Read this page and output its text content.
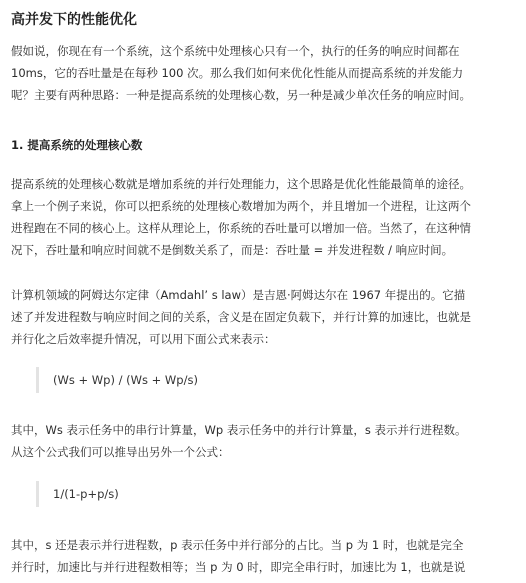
高并发下的性能优化
假如说，你现在有一个系统，这个系统中处理核心只有一个，执行的任务的响应时间都在
10ms，它的吞吐量是在每秒 100 次。那么我们如何来优化性能从而提高系统的并发能力
呢？主要有两种思路：一种是提高系统的处理核心数，另一种是减少单次任务的响应时间。
1. 提高系统的处理核心数
提高系统的处理核心数就是增加系统的并行处理能力，这个思路是优化性能最简单的途径。
拿上一个例子来说，你可以把系统的处理核心数增加为两个，并且增加一个进程，让这两个
进程跑在不同的核心上。这样从理论上，你系统的吞吐量可以增加一倍。当然了，在这种情
况下，吞吐量和响应时间就不是倒数关系了，而是：吞吐量 = 并发进程数 / 响应时间。
计算机领域的阿姆达尔定律（Amdahl’ s law）是吉恩·阿姆达尔在 1967 年提出的。它描
述了并发进程数与响应时间之间的关系，含义是在固定负载下，并行计算的加速比，也就是
并行化之后效率提升情况，可以用下面公式来表示：
(Ws + Wp) / (Ws + Wp/s)
其中，Ws 表示任务中的串行计算量，Wp 表示任务中的并行计算量，s 表示并行进程数。
从这个公式我们可以推导出另外一个公式：
1/(1-p+p/s)
其中，s 还是表示并行进程数，p 表示任务中并行部分的占比。当 p 为 1 时，也就是完全
并行时，加速比与并行进程数相等；当 p 为 0 时，即完全串行时，加速比为 1，也就是说
